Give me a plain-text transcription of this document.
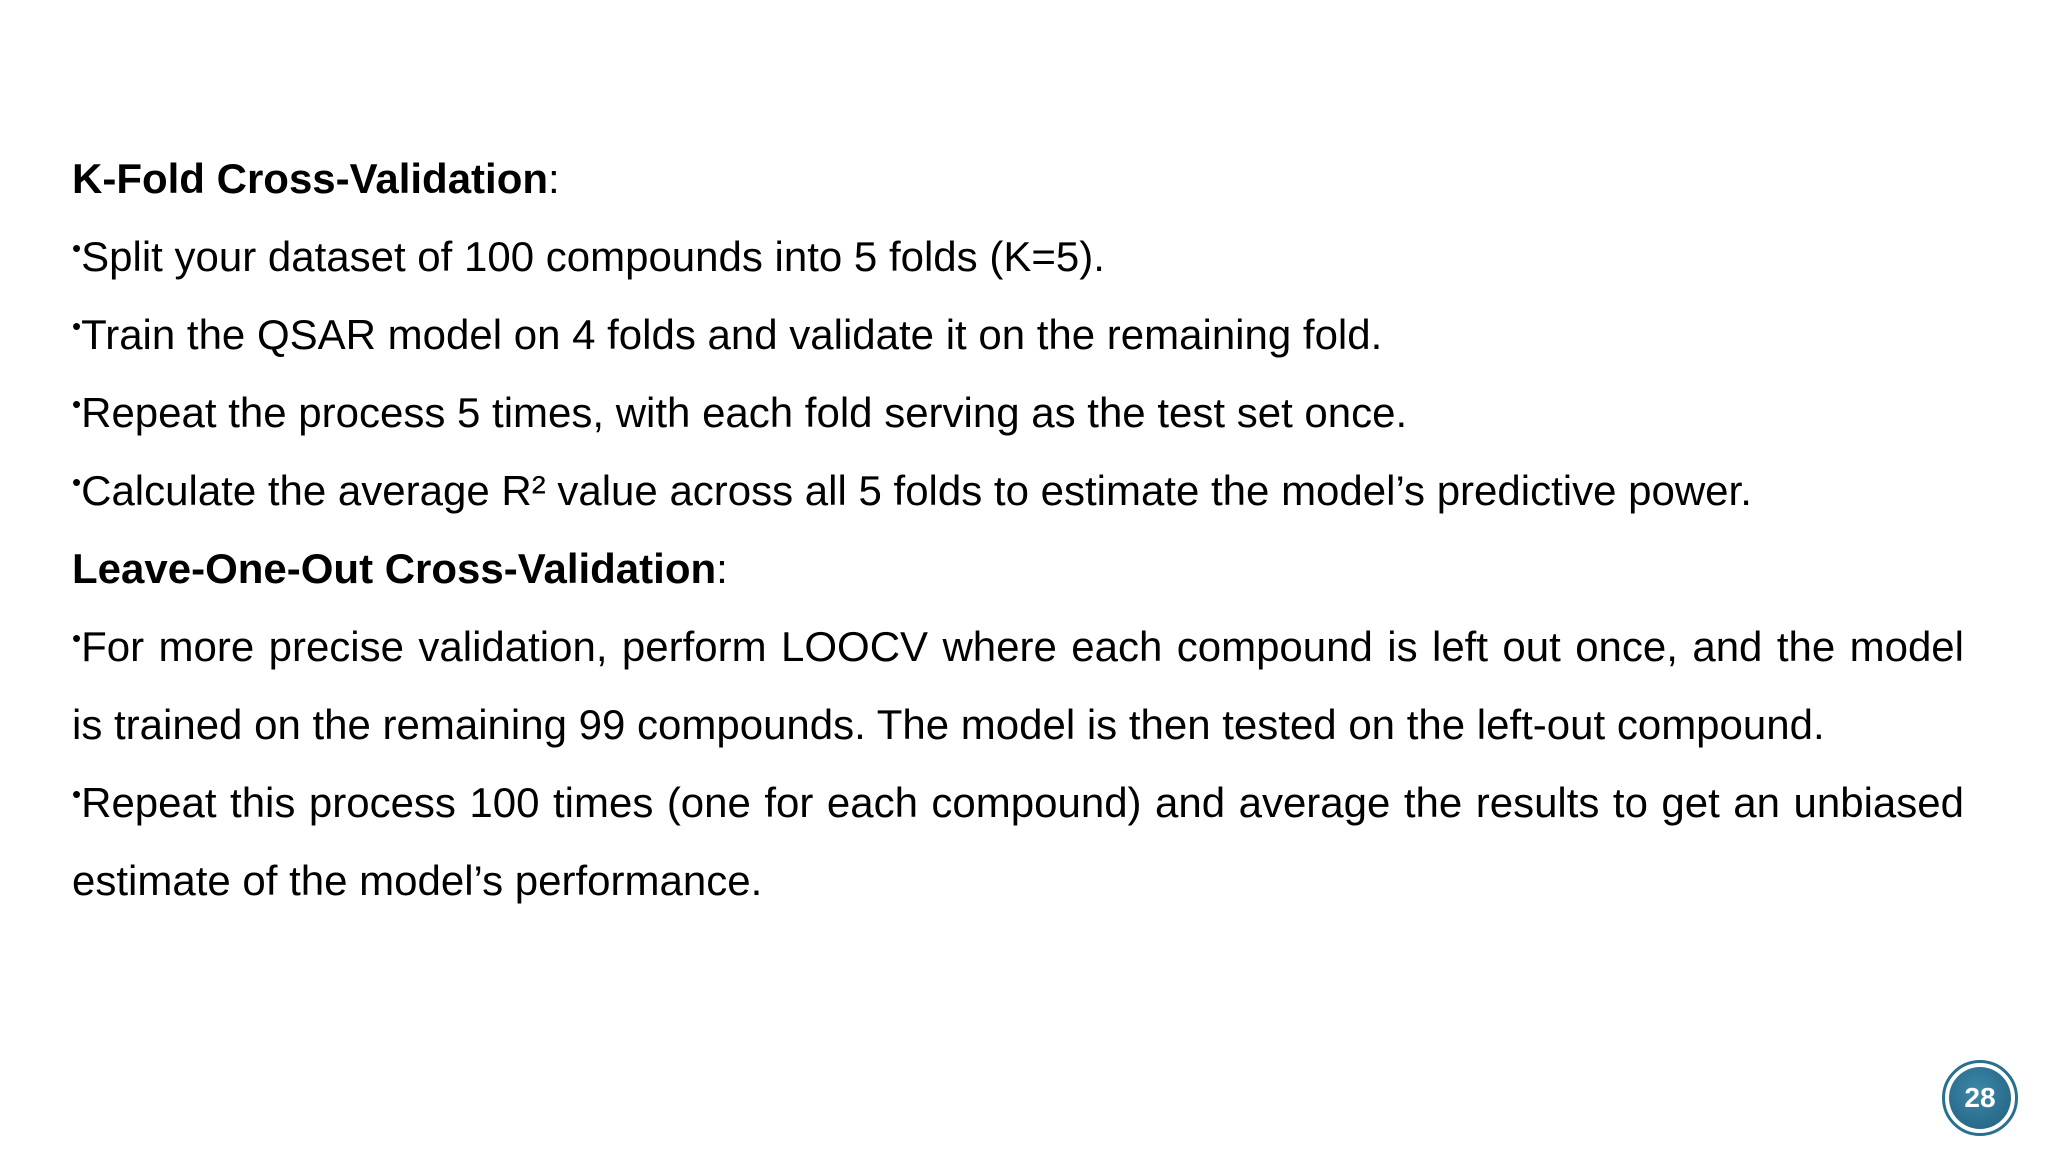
K-Fold Cross-Validation:

•Split your dataset of 100 compounds into 5 folds (K=5).

•Train the QSAR model on 4 folds and validate it on the remaining fold.

•Repeat the process 5 times, with each fold serving as the test set once.

•Calculate the average R² value across all 5 folds to estimate the model’s predictive power.

Leave-One-Out Cross-Validation:

•For more precise validation, perform LOOCV where each compound is left out once, and the model is trained on the remaining 99 compounds. The model is then tested on the left-out compound.

•Repeat this process 100 times (one for each compound) and average the results to get an unbiased estimate of the model’s performance.

28
